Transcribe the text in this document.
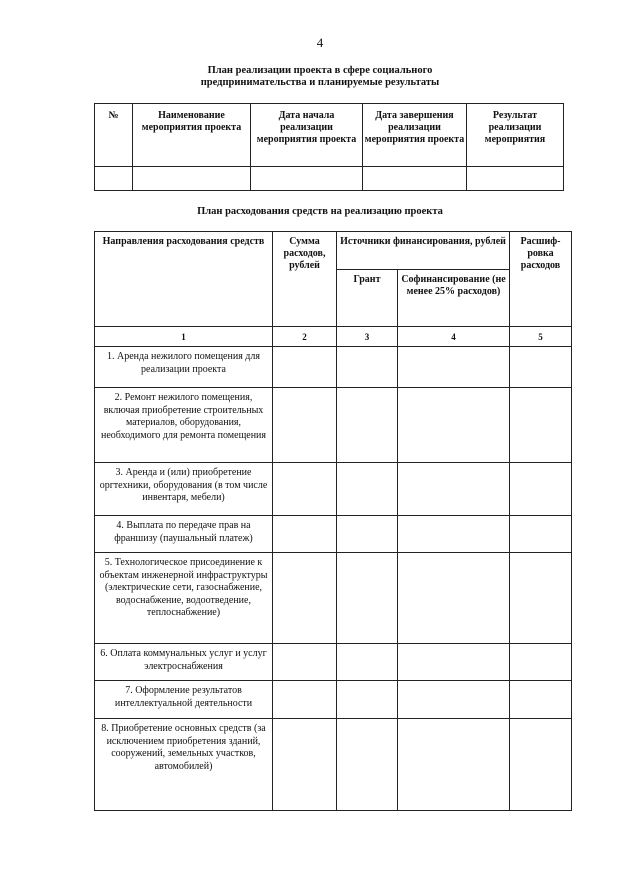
4
План реализации проекта в сфере социального
предпринимательства и планируемые результаты
№	Наименование мероприятия проекта	Дата начала реализации мероприятия проекта	Дата завершения реализации мероприятия проекта	Результат реализации мероприятия

План расходования средств на реализацию проекта
Направления расходования средств	Сумма расходов, рублей	Источники финансирования, рублей		Расшиф-ровка расходов
		Грант	Софинансирование (не менее 25% расходов)	
1	2	3	4	5
1. Аренда нежилого помещения для реализации проекта				
2. Ремонт нежилого помещения, включая приобретение строительных материалов, оборудования, необходимого для ремонта помещения				
3. Аренда и (или) приобретение оргтехники, оборудования (в том числе инвентаря, мебели)				
4. Выплата по передаче прав на франшизу (паушальный платеж)				
5. Технологическое присоединение к объектам инженерной инфраструктуры (электрические сети, газоснабжение, водоснабжение, водоотведение, теплоснабжение)				
6. Оплата коммунальных услуг и услуг электроснабжения				
7. Оформление результатов интеллектуальной деятельности				
8. Приобретение основных средств (за исключением приобретения зданий, сооружений, земельных участков, автомобилей)				
